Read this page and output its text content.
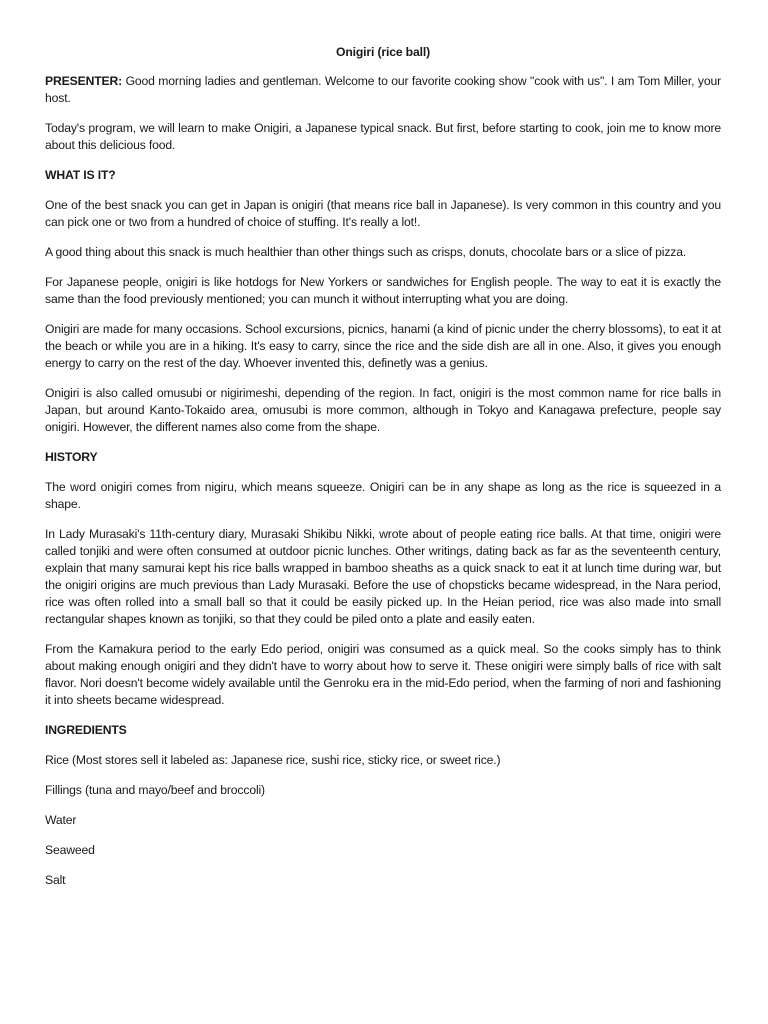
Onigiri (rice ball)

PRESENTER: Good morning ladies and gentleman. Welcome to our favorite cooking show "cook with us". I am Tom Miller, your host.

Today's program, we will learn to make Onigiri, a Japanese typical snack. But first, before starting to cook, join me to know more about this delicious food.

WHAT IS IT?

One of the best snack you can get in Japan is onigiri (that means rice ball in Japanese). Is very common in this country and you can pick one or two from a hundred of choice of stuffing. It's really a lot!.

A good thing about this snack is much healthier than other things such as crisps, donuts, chocolate bars or a slice of pizza.

For Japanese people, onigiri is like hotdogs for New Yorkers or sandwiches for English people. The way to eat it is exactly the same than the food previously mentioned; you can munch it without interrupting what you are doing.

Onigiri are made for many occasions. School excursions, picnics, hanami (a kind of picnic under the cherry blossoms), to eat it at the beach or while you are in a hiking. It's easy to carry, since the rice and the side dish are all in one. Also, it gives you enough energy to carry on the rest of the day. Whoever invented this, definetly was a genius.

Onigiri is also called omusubi or nigirimeshi, depending of the region. In fact, onigiri is the most common name for rice balls in Japan, but around Kanto-Tokaido area, omusubi is more common, although in Tokyo and Kanagawa prefecture, people say onigiri. However, the different names also come from the shape.

HISTORY

The word onigiri comes from nigiru, which means squeeze. Onigiri can be in any shape as long as the rice is squeezed in a shape.

In Lady Murasaki's 11th-century diary, Murasaki Shikibu Nikki, wrote about of people eating rice balls. At that time, onigiri were called tonjiki and were often consumed at outdoor picnic lunches. Other writings, dating back as far as the seventeenth century, explain that many samurai kept his rice balls wrapped in bamboo sheaths as a quick snack to eat it at lunch time during war, but the onigiri origins are much previous than Lady Murasaki. Before the use of chopsticks became widespread, in the Nara period, rice was often rolled into a small ball so that it could be easily picked up. In the Heian period, rice was also made into small rectangular shapes known as tonjiki, so that they could be piled onto a plate and easily eaten.

From the Kamakura period to the early Edo period, onigiri was consumed as a quick meal. So the cooks simply has to think about making enough onigiri and they didn't have to worry about how to serve it. These onigiri were simply balls of rice with salt flavor. Nori doesn't become widely available until the Genroku era in the mid-Edo period, when the farming of nori and fashioning it into sheets became widespread.

INGREDIENTS
Rice (Most stores sell it labeled as: Japanese rice, sushi rice, sticky rice, or sweet rice.)
Fillings (tuna and mayo/beef and broccoli)
Water
Seaweed
Salt
